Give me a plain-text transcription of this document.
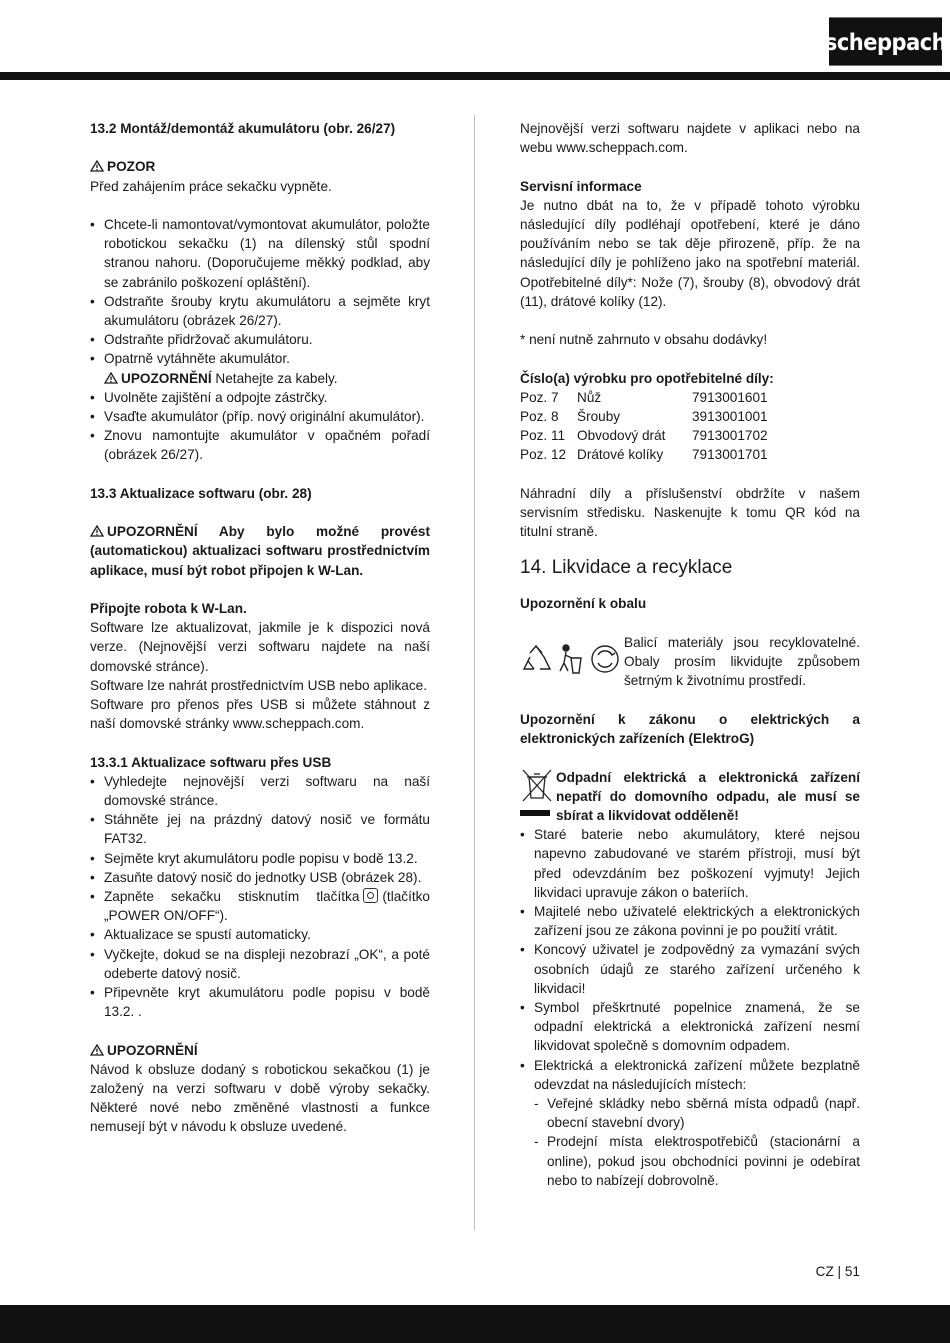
scheppach
13.2 Montáž/demontáž akumulátoru (obr. 26/27)

POZOR

Před zahájením práce sekačku vypněte.

• Chcete-li namontovat/vymontovat akumulátor, položte robotickou sekačku (1) na dílenský stůl spodní stranou nahoru. (Doporučujeme měkký podklad, aby se zabránilo poškození opláštění).
• Odstraňte šrouby krytu akumulátoru a sejměte kryt akumulátoru (obrázek 26/27).
• Odstraňte přidržovač akumulátoru.
• Opatrně vytáhněte akumulátor.
UPOZORNĚNÍ Netahejte za kabely.
• Uvolněte zajištění a odpojte zástrčky.
• Vsaďte akumulátor (příp. nový originální akumulátor).
• Znovu namontujte akumulátor v opačném pořadí (obrázek 26/27).
13.3 Aktualizace softwaru (obr. 28)

UPOZORNĚNÍ Aby bylo možné provést (automatickou) aktualizaci softwaru prostřednictvím aplikace, musí být robot připojen k W-Lan.

Připojte robota k W-Lan.

Software lze aktualizovat, jakmile je k dispozici nová verze. (Nejnovější verzi softwaru najdete na naší domovské stránce).

Software lze nahrát prostřednictvím USB nebo aplikace.

Software pro přenos přes USB si můžete stáhnout z naší domovské stránky www.scheppach.com.

13.3.1 Aktualizace softwaru přes USB
• Vyhledejte nejnovější verzi softwaru na naší domovské stránce.
• Stáhněte jej na prázdný datový nosič ve formátu FAT32.
• Sejměte kryt akumulátoru podle popisu v bodě 13.2.
• Zasuňte datový nosič do jednotky USB (obrázek 28).
• Zapněte sekačku stisknutím tlačítka (tlačítko „POWER ON/OFF“).
• Aktualizace se spustí automaticky.
• Vyčkejte, dokud se na displeji nezobrazí „OK“, a poté odeberte datový nosič.
• Připevněte kryt akumulátoru podle popisu v bodě 13.2. .

UPOZORNĚNÍ

Návod k obsluze dodaný s robotickou sekačkou (1) je založený na verzi softwaru v době výroby sekačky. Některé nové nebo změněné vlastnosti a funkce nemusejí být v návodu k obsluze uvedené.

Nejnovější verzi softwaru najdete v aplikaci nebo na webu www.scheppach.com.

Servisní informace

Je nutno dbát na to, že v případě tohoto výrobku následující díly podléhají opotřebení, které je dáno používáním nebo se tak děje přirozeně, příp. že na následující díly je pohlíženo jako na spotřební materiál. Opotřebitelné díly*: Nože (7), šrouby (8), obvodový drát (11), drátové kolíky (12).

* není nutně zahrnuto v obsahu dodávky!

Číslo(a) výrobku pro opotřebitelné díly:
Poz. 7	Nůž	7913001601
Poz. 8	Šrouby	3913001001
Poz. 11	Obvodový drát	7913001702
Poz. 12	Drátové kolíky	7913001701

Náhradní díly a příslušenství obdržíte v našem servisním středisku. Naskenujte k tomu QR kód na titulní straně.

14. Likvidace a recyklace
Upozornění k obalu

Balicí materiály jsou recyklovatelné. Obaly prosím likvidujte způsobem šetrným k životnímu prostředí.

Upozornění k zákonu o elektrických a elektronických zařízeních (ElektroG)

Odpadní elektrická a elektronická zařízení nepatří do domovního odpadu, ale musí se sbírat a likvidovat odděleně!

• Staré baterie nebo akumulátory, které nejsou napevno zabudované ve starém přístroji, musí být před odevzdáním bez poškození vyjmuty! Jejich likvidaci upravuje zákon o bateriích.
• Majitelé nebo uživatelé elektrických a elektronických zařízení jsou ze zákona povinni je po použití vrátit.
• Koncový uživatel je zodpovědný za vymazání svých osobních údajů ze starého zařízení určeného k likvidaci!
• Symbol přeškrtnuté popelnice znamená, že se odpadní elektrická a elektronická zařízení nesmí likvidovat společně s domovním odpadem.
• Elektrická a elektronická zařízení můžete bezplatně odevzdat na následujících místech:
- Veřejné skládky nebo sběrná místa odpadů (např. obecní stavební dvory)
- Prodejní místa elektrospotřebičů (stacionární a online), pokud jsou obchodníci povinni je odebírat nebo to nabízejí dobrovolně.
CZ | 51
